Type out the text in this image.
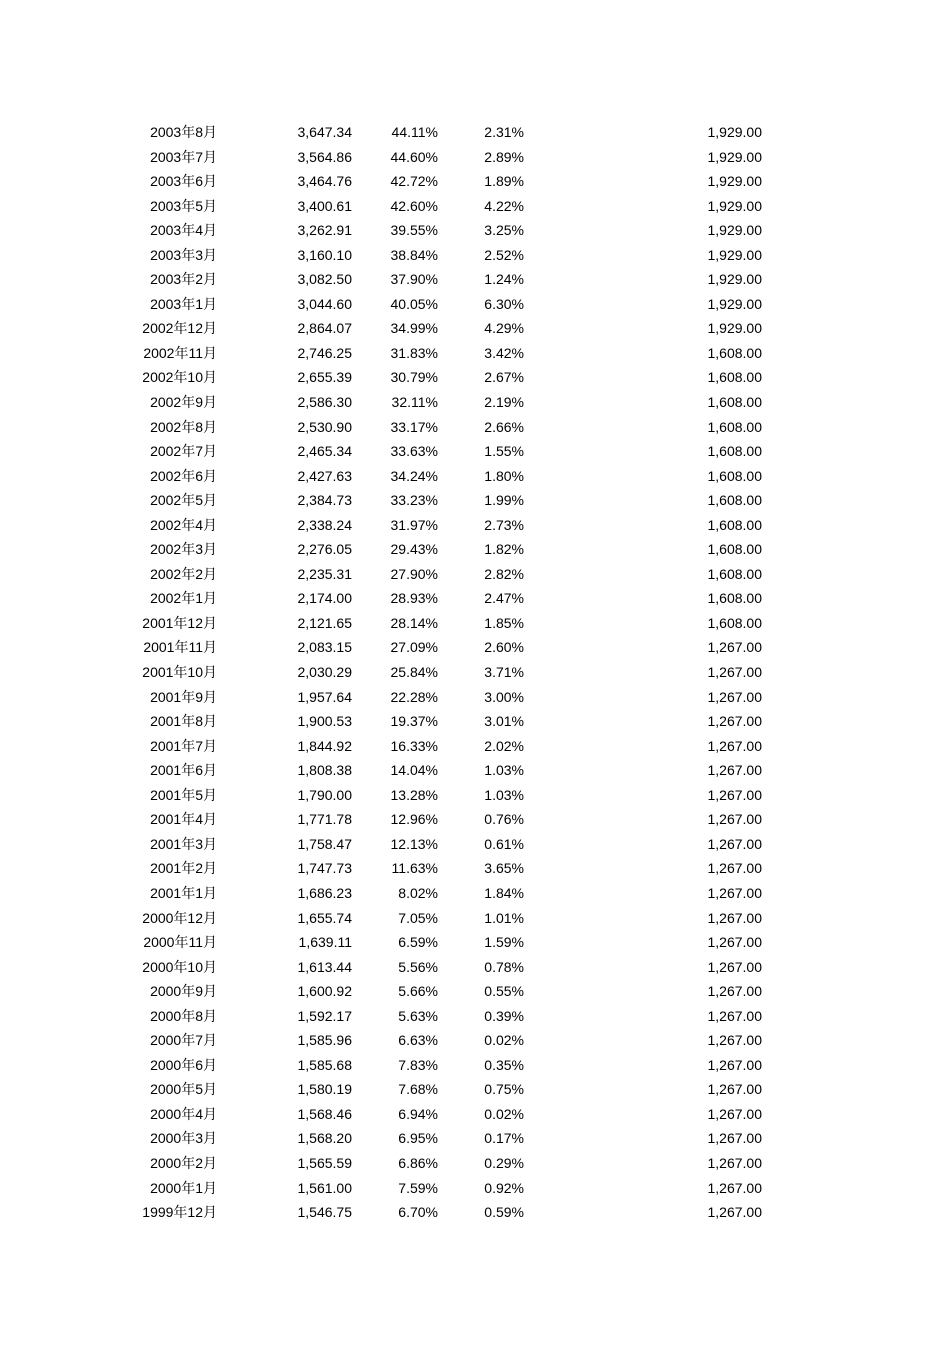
2003年8月	3,647.34	44.11%	2.31%	1,929.00
2003年7月	3,564.86	44.60%	2.89%	1,929.00
2003年6月	3,464.76	42.72%	1.89%	1,929.00
2003年5月	3,400.61	42.60%	4.22%	1,929.00
2003年4月	3,262.91	39.55%	3.25%	1,929.00
2003年3月	3,160.10	38.84%	2.52%	1,929.00
2003年2月	3,082.50	37.90%	1.24%	1,929.00
2003年1月	3,044.60	40.05%	6.30%	1,929.00
2002年12月	2,864.07	34.99%	4.29%	1,929.00
2002年11月	2,746.25	31.83%	3.42%	1,608.00
2002年10月	2,655.39	30.79%	2.67%	1,608.00
2002年9月	2,586.30	32.11%	2.19%	1,608.00
2002年8月	2,530.90	33.17%	2.66%	1,608.00
2002年7月	2,465.34	33.63%	1.55%	1,608.00
2002年6月	2,427.63	34.24%	1.80%	1,608.00
2002年5月	2,384.73	33.23%	1.99%	1,608.00
2002年4月	2,338.24	31.97%	2.73%	1,608.00
2002年3月	2,276.05	29.43%	1.82%	1,608.00
2002年2月	2,235.31	27.90%	2.82%	1,608.00
2002年1月	2,174.00	28.93%	2.47%	1,608.00
2001年12月	2,121.65	28.14%	1.85%	1,608.00
2001年11月	2,083.15	27.09%	2.60%	1,267.00
2001年10月	2,030.29	25.84%	3.71%	1,267.00
2001年9月	1,957.64	22.28%	3.00%	1,267.00
2001年8月	1,900.53	19.37%	3.01%	1,267.00
2001年7月	1,844.92	16.33%	2.02%	1,267.00
2001年6月	1,808.38	14.04%	1.03%	1,267.00
2001年5月	1,790.00	13.28%	1.03%	1,267.00
2001年4月	1,771.78	12.96%	0.76%	1,267.00
2001年3月	1,758.47	12.13%	0.61%	1,267.00
2001年2月	1,747.73	11.63%	3.65%	1,267.00
2001年1月	1,686.23	8.02%	1.84%	1,267.00
2000年12月	1,655.74	7.05%	1.01%	1,267.00
2000年11月	1,639.11	6.59%	1.59%	1,267.00
2000年10月	1,613.44	5.56%	0.78%	1,267.00
2000年9月	1,600.92	5.66%	0.55%	1,267.00
2000年8月	1,592.17	5.63%	0.39%	1,267.00
2000年7月	1,585.96	6.63%	0.02%	1,267.00
2000年6月	1,585.68	7.83%	0.35%	1,267.00
2000年5月	1,580.19	7.68%	0.75%	1,267.00
2000年4月	1,568.46	6.94%	0.02%	1,267.00
2000年3月	1,568.20	6.95%	0.17%	1,267.00
2000年2月	1,565.59	6.86%	0.29%	1,267.00
2000年1月	1,561.00	7.59%	0.92%	1,267.00
1999年12月	1,546.75	6.70%	0.59%	1,267.00
